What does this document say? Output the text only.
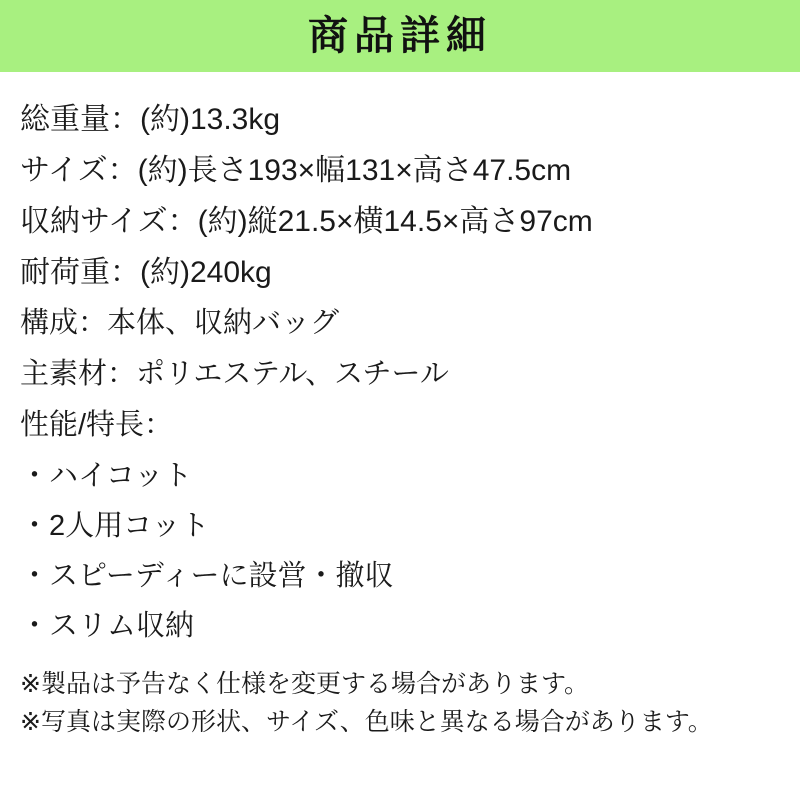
商品詳細
総重量：(約)13.3kg
サイズ：(約)長さ193×幅131×高さ47.5cm
収納サイズ：(約)縦21.5×横14.5×高さ97cm
耐荷重：(約)240kg
構成：本体、収納バッグ
主素材：ポリエステル、スチール
性能/特長：
・ハイコット
・2人用コット
・スピーディーに設営・撤収
・スリム収納
※製品は予告なく仕様を変更する場合があります。
※写真は実際の形状、サイズ、色味と異なる場合があります。
